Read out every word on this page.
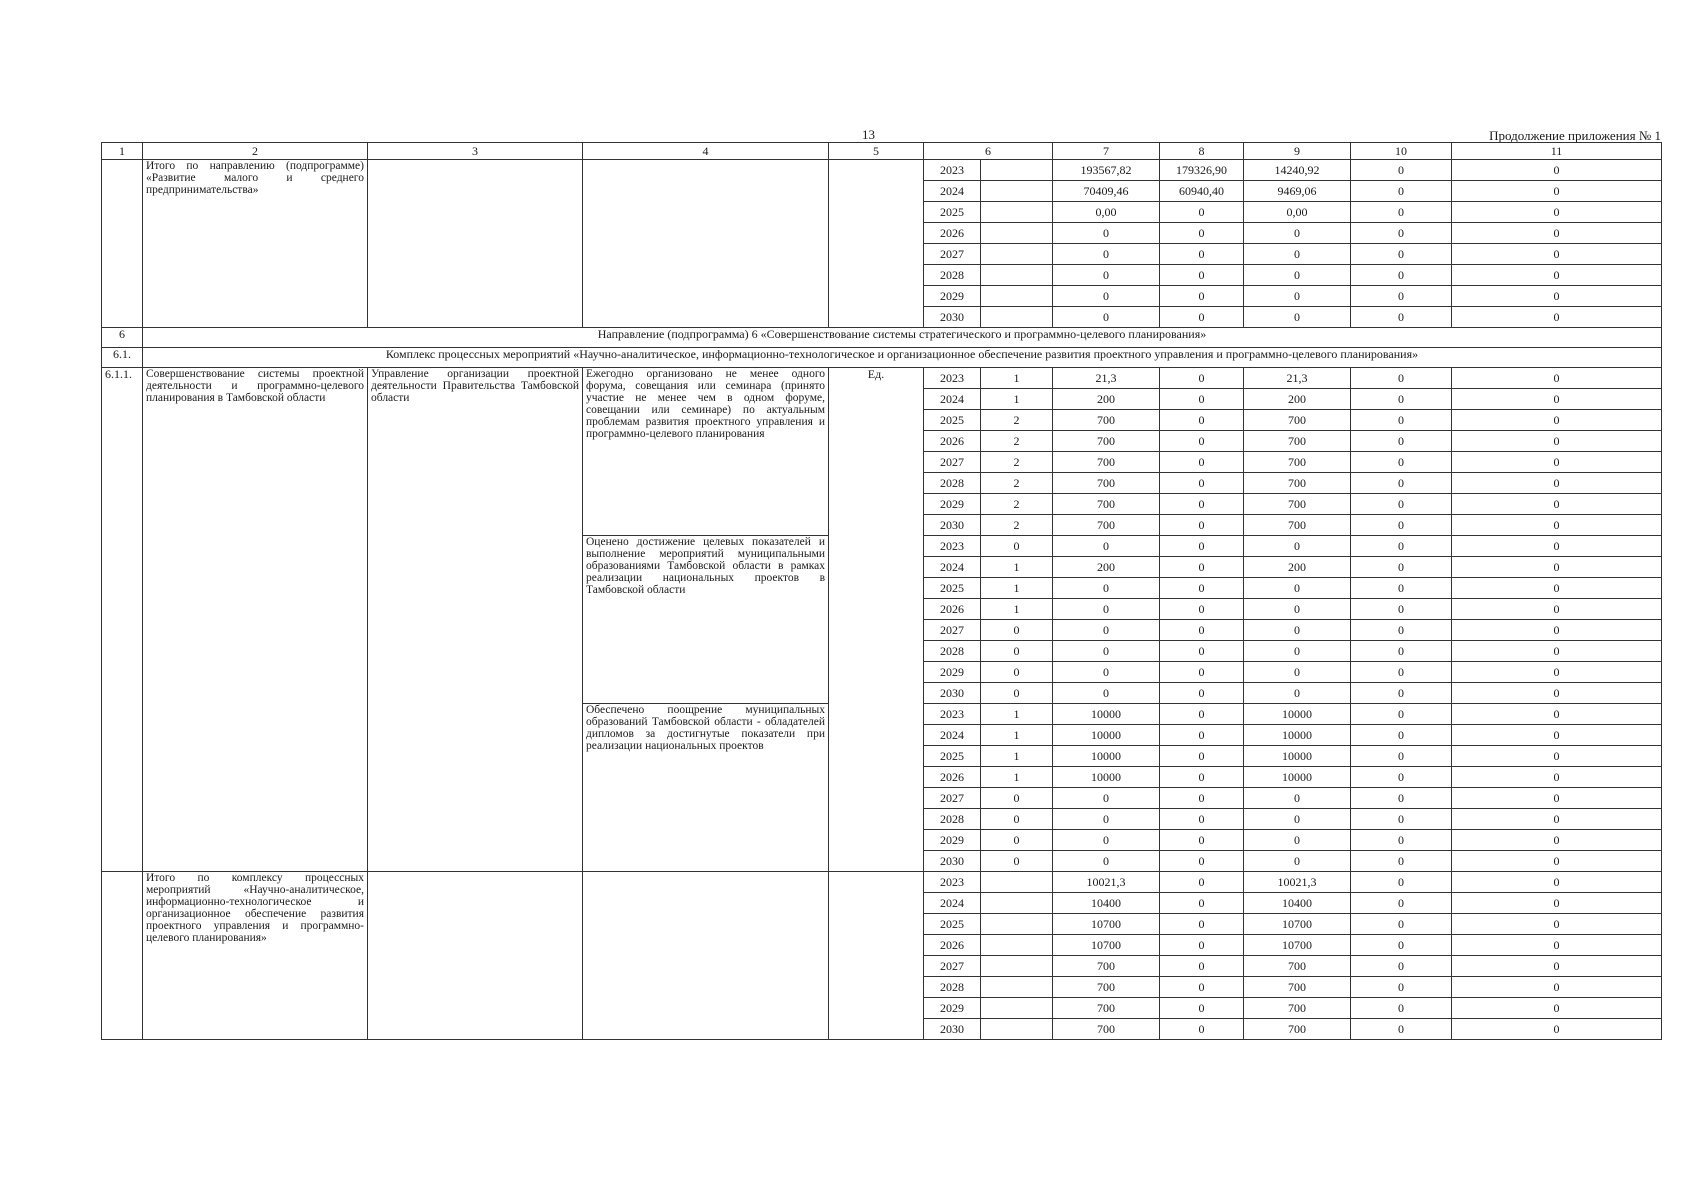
13	Продолжение приложения № 1
1	2	3	4	5	6		7	8	9	10	11
	Итого по направлению (подпрограмме) «Развитие малого и среднего предпринимательства»				2023		193567,82	179326,90	14240,92	0	0
					2024		70409,46	60940,40	9469,06	0	0
					2025		0,00	0	0,00	0	0
					2026		0	0	0	0	0
					2027		0	0	0	0	0
					2028		0	0	0	0	0
					2029		0	0	0	0	0
					2030		0	0	0	0	0
6	Направление (подпрограмма) 6 «Совершенствование системы стратегического и программно-целевого планирования»										
6.1.	Комплекс процессных мероприятий «Научно-аналитическое, информационно-технологическое и организационное обеспечение развития проектного управления и программно-целевого планирования»										
6.1.1.	Совершенствование системы проектной деятельности и программно-целевого планирования в Тамбовской области	Управление организации проектной деятельности Правительства Тамбовской области	Ежегодно организовано не менее одного форума, совещания или семинара (принято участие не менее чем в одном форуме, совещании или семинаре) по актуальным проблемам развития проектного управления и программно-целевого планирования	Ед.	2023	1	21,3	0	21,3	0	0
					2024	1	200	0	200	0	0
					2025	2	700	0	700	0	0
					2026	2	700	0	700	0	0
					2027	2	700	0	700	0	0
					2028	2	700	0	700	0	0
					2029	2	700	0	700	0	0
					2030	2	700	0	700	0	0
			Оценено достижение целевых показателей и выполнение мероприятий муниципальными образованиями Тамбовской области в рамках реализации национальных проектов в Тамбовской области		2023	0	0	0	0	0	0
					2024	1	200	0	200	0	0
					2025	1	0	0	0	0	0
					2026	1	0	0	0	0	0
					2027	0	0	0	0	0	0
					2028	0	0	0	0	0	0
					2029	0	0	0	0	0	0
					2030	0	0	0	0	0	0
			Обеспечено поощрение муниципальных образований Тамбовской области - обладателей дипломов за достигнутые показатели при реализации национальных проектов		2023	1	10000	0	10000	0	0
					2024	1	10000	0	10000	0	0
					2025	1	10000	0	10000	0	0
					2026	1	10000	0	10000	0	0
					2027	0	0	0	0	0	0
					2028	0	0	0	0	0	0
					2029	0	0	0	0	0	0
					2030	0	0	0	0	0	0
	Итого по комплексу процессных мероприятий «Научно-аналитическое, информационно-технологическое и организационное обеспечение развития проектного управления и программно-целевого планирования»				2023		10021,3	0	10021,3	0	0
					2024		10400	0	10400	0	0
					2025		10700	0	10700	0	0
					2026		10700	0	10700	0	0
					2027		700	0	700	0	0
					2028		700	0	700	0	0
					2029		700	0	700	0	0
					2030		700	0	700	0	0
